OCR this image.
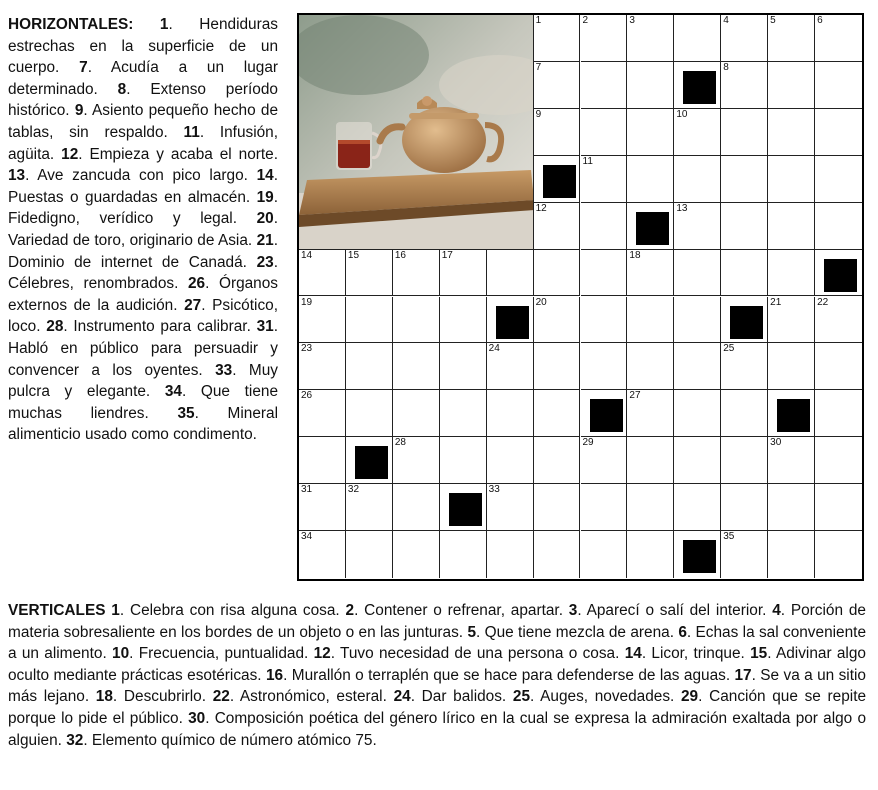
HORIZONTALES: 1. Hendiduras estrechas en la superficie de un cuerpo. 7. Acudía a un lugar determinado. 8. Extenso período histórico. 9. Asiento pequeño hecho de tablas, sin respaldo. 11. Infusión, agüita. 12. Empieza y acaba el norte. 13. Ave zancuda con pico largo. 14. Puestas o guardadas en almacén. 19. Fidedigno, verídico y legal. 20. Variedad de toro, originario de Asia. 21. Dominio de internet de Canadá. 23. Célebres, renombrados. 26. Órganos externos de la audición. 27. Psicótico, loco. 28. Instrumento para calibrar. 31. Habló en público para persuadir y convencer a los oyentes. 33. Muy pulcra y elegante. 34. Que tiene muchas liendres. 35. Mineral alimenticio usado como condimento.
1	2	3	4	5	6
7	8
9	10
11
12	13
14	15	16	17	18
19	20	21	22
23	24	25
26	27
28	29	30
31	32	33
34	35
VERTICALES 1. Celebra con risa alguna cosa. 2. Contener o refrenar, apartar. 3. Aparecí o salí del interior. 4. Porción de materia sobresaliente en los bordes de un objeto o en las junturas. 5. Que tiene mezcla de arena. 6. Echas la sal conveniente a un alimento. 10. Frecuencia, puntualidad. 12. Tuvo necesidad de una persona o cosa. 14. Licor, trinque. 15. Adivinar algo oculto mediante prácticas esotéricas. 16. Murallón o terraplén que se hace para defenderse de las aguas. 17. Se va a un sitio más lejano. 18. Descubrirlo. 22. Astronómico, esteral. 24. Dar balidos. 25. Auges, novedades. 29. Canción que se repite porque lo pide el público. 30. Composición poética del género lírico en la cual se expresa la admiración exaltada por algo o alguien. 32. Elemento químico de número atómico 75.
